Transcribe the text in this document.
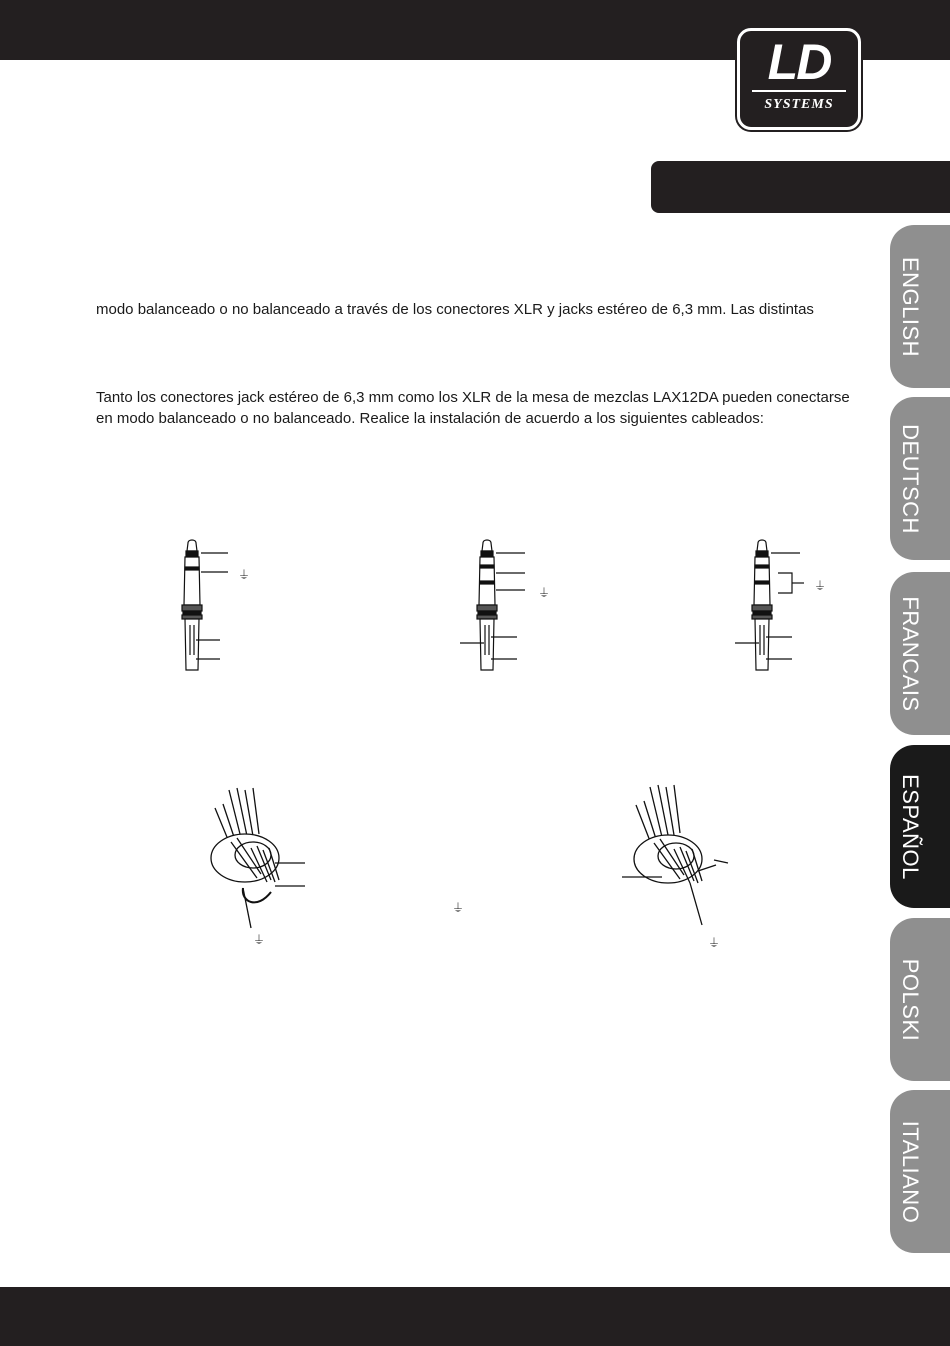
LD
SYSTEMS

modo balanceado o no balanceado a través de los conectores XLR y jacks estéreo de 6,3 mm. Las distintas

Tanto los conectores jack estéreo de 6,3 mm como los XLR de la mesa de mezclas LAX12DA pueden conectarse en modo balanceado o no balanceado. Realice la instalación de acuerdo a los siguientes cableados:

ENGLISH
DEUTSCH
FRANCAIS
ESPAÑOL
POLSKI
ITALIANO
⏚
⏚	⏚
⏚
⏚
⏚
